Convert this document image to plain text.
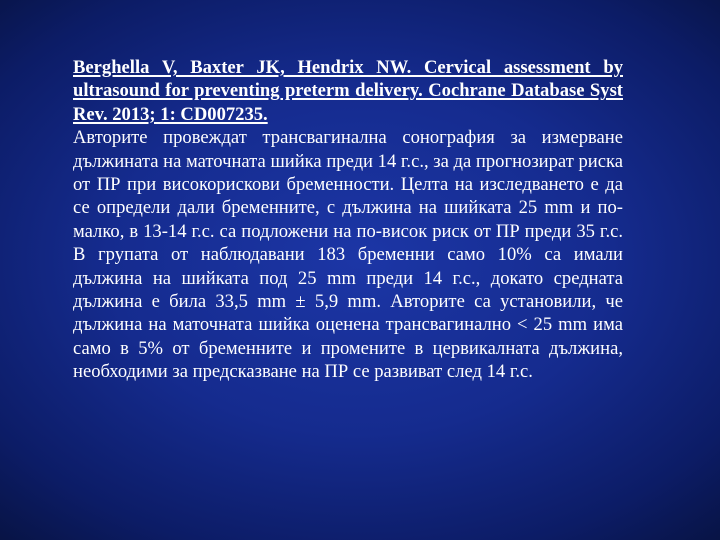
Berghella V, Baxter JK, Hendrix NW. Cervical assessment by ultrasound for preventing preterm delivery. Cochrane Database Syst Rev. 2013; 1: CD007235.

Авторите провеждат трансвагинална сонография за измерване дължината на маточната шийка преди 14 г.с., за да прогнозират риска от ПР при високорискови бременности. Целта на изследването е да се определи дали бременните, с дължина на шийката 25 mm и по-малко, в 13-14 г.с. са подложени на по-висок риск от ПР преди 35 г.с. В групата от наблюдавани 183 бременни само 10% са имали дължина на шийката под 25 mm преди 14 г.с., докато средната дължина е била 33,5 mm ± 5,9 mm. Авторите са установили, че дължина на маточната шийка оценена трансвагинално < 25 mm има само в 5% от бременните и промените в цервикалната дължина, необходими за предсказване на ПР се развиват след 14 г.с.
